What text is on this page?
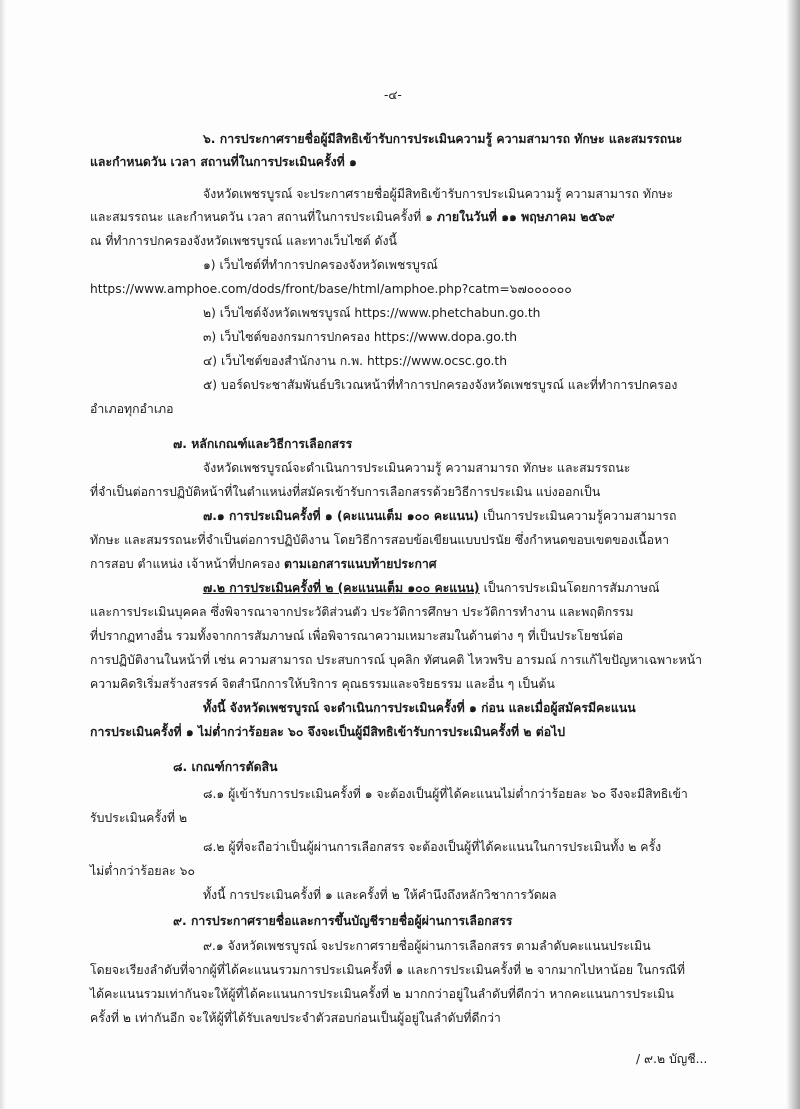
-๔-
๖. การประกาศรายชื่อผู้มีสิทธิเข้ารับการประเมินความรู้ ความสามารถ ทักษะ และสมรรถนะ
และกำหนดวัน เวลา สถานที่ในการประเมินครั้งที่ ๑
จังหวัดเพชรบูรณ์ จะประกาศรายชื่อผู้มีสิทธิเข้ารับการประเมินความรู้ ความสามารถ ทักษะ
และสมรรถนะ และกำหนดวัน เวลา สถานที่ในการประเมินครั้งที่ ๑ ภายในวันที่ ๑๑ พฤษภาคม ๒๕๖๙
ณ ที่ทำการปกครองจังหวัดเพชรบูรณ์ และทางเว็บไซต์ ดังนี้
๑) เว็บไซต์ที่ทำการปกครองจังหวัดเพชรบูรณ์
https://www.amphoe.com/dods/front/base/html/amphoe.php?catm=๖๗๐๐๐๐๐๐
๒) เว็บไซต์จังหวัดเพชรบูรณ์ https://www.phetchabun.go.th
๓) เว็บไซต์ของกรมการปกครอง https://www.dopa.go.th
๔) เว็บไซต์ของสำนักงาน ก.พ. https://www.ocsc.go.th
๕) บอร์ดประชาสัมพันธ์บริเวณหน้าที่ทำการปกครองจังหวัดเพชรบูรณ์ และที่ทำการปกครอง
อำเภอทุกอำเภอ
๗. หลักเกณฑ์และวิธีการเลือกสรร
จังหวัดเพชรบูรณ์จะดำเนินการประเมินความรู้ ความสามารถ ทักษะ และสมรรถนะ
ที่จำเป็นต่อการปฏิบัติหน้าที่ในตำแหน่งที่สมัครเข้ารับการเลือกสรรด้วยวิธีการประเมิน แบ่งออกเป็น
๗.๑ การประเมินครั้งที่ ๑ (คะแนนเต็ม ๑๐๐ คะแนน) เป็นการประเมินความรู้ความสามารถ
ทักษะ และสมรรถนะที่จำเป็นต่อการปฏิบัติงาน โดยวิธีการสอบข้อเขียนแบบปรนัย ซึ่งกำหนดขอบเขตของเนื้อหา
การสอบ ตำแหน่ง เจ้าหน้าที่ปกครอง ตามเอกสารแนบท้ายประกาศ
๗.๒ การประเมินครั้งที่ ๒ (คะแนนเต็ม ๑๐๐ คะแนน) เป็นการประเมินโดยการสัมภาษณ์
และการประเมินบุคคล ซึ่งพิจารณาจากประวัติส่วนตัว ประวัติการศึกษา ประวัติการทำงาน และพฤติกรรม
ที่ปรากฏทางอื่น รวมทั้งจากการสัมภาษณ์ เพื่อพิจารณาความเหมาะสมในด้านต่าง ๆ ที่เป็นประโยชน์ต่อ
การปฏิบัติงานในหน้าที่ เช่น ความสามารถ ประสบการณ์ บุคลิก ทัศนคติ ไหวพริบ อารมณ์ การแก้ไขปัญหาเฉพาะหน้า
ความคิดริเริ่มสร้างสรรค์ จิตสำนึกการให้บริการ คุณธรรมและจริยธรรม และอื่น ๆ เป็นต้น
ทั้งนี้ จังหวัดเพชรบูรณ์ จะดำเนินการประเมินครั้งที่ ๑ ก่อน และเมื่อผู้สมัครมีคะแนน
การประเมินครั้งที่ ๑ ไม่ต่ำกว่าร้อยละ ๖๐ จึงจะเป็นผู้มีสิทธิเข้ารับการประเมินครั้งที่ ๒ ต่อไป
๘. เกณฑ์การตัดสิน
๘.๑ ผู้เข้ารับการประเมินครั้งที่ ๑ จะต้องเป็นผู้ที่ได้คะแนนไม่ต่ำกว่าร้อยละ ๖๐ จึงจะมีสิทธิเข้า
รับประเมินครั้งที่ ๒
๘.๒ ผู้ที่จะถือว่าเป็นผู้ผ่านการเลือกสรร จะต้องเป็นผู้ที่ได้คะแนนในการประเมินทั้ง ๒ ครั้ง
ไม่ต่ำกว่าร้อยละ ๖๐
ทั้งนี้ การประเมินครั้งที่ ๑ และครั้งที่ ๒ ให้คำนึงถึงหลักวิชาการวัดผล
๙. การประกาศรายชื่อและการขึ้นบัญชีรายชื่อผู้ผ่านการเลือกสรร
๙.๑ จังหวัดเพชรบูรณ์ จะประกาศรายชื่อผู้ผ่านการเลือกสรร ตามลำดับคะแนนประเมิน
โดยจะเรียงลำดับที่จากผู้ที่ได้คะแนนรวมการประเมินครั้งที่ ๑ และการประเมินครั้งที่ ๒ จากมากไปหาน้อย ในกรณีที่
ได้คะแนนรวมเท่ากันจะให้ผู้ที่ได้คะแนนการประเมินครั้งที่ ๒ มากกว่าอยู่ในลำดับที่ดีกว่า หากคะแนนการประเมิน
ครั้งที่ ๒ เท่ากันอีก จะให้ผู้ที่ได้รับเลขประจำตัวสอบก่อนเป็นผู้อยู่ในลำดับที่ดีกว่า
/ ๙.๒ บัญชี...
